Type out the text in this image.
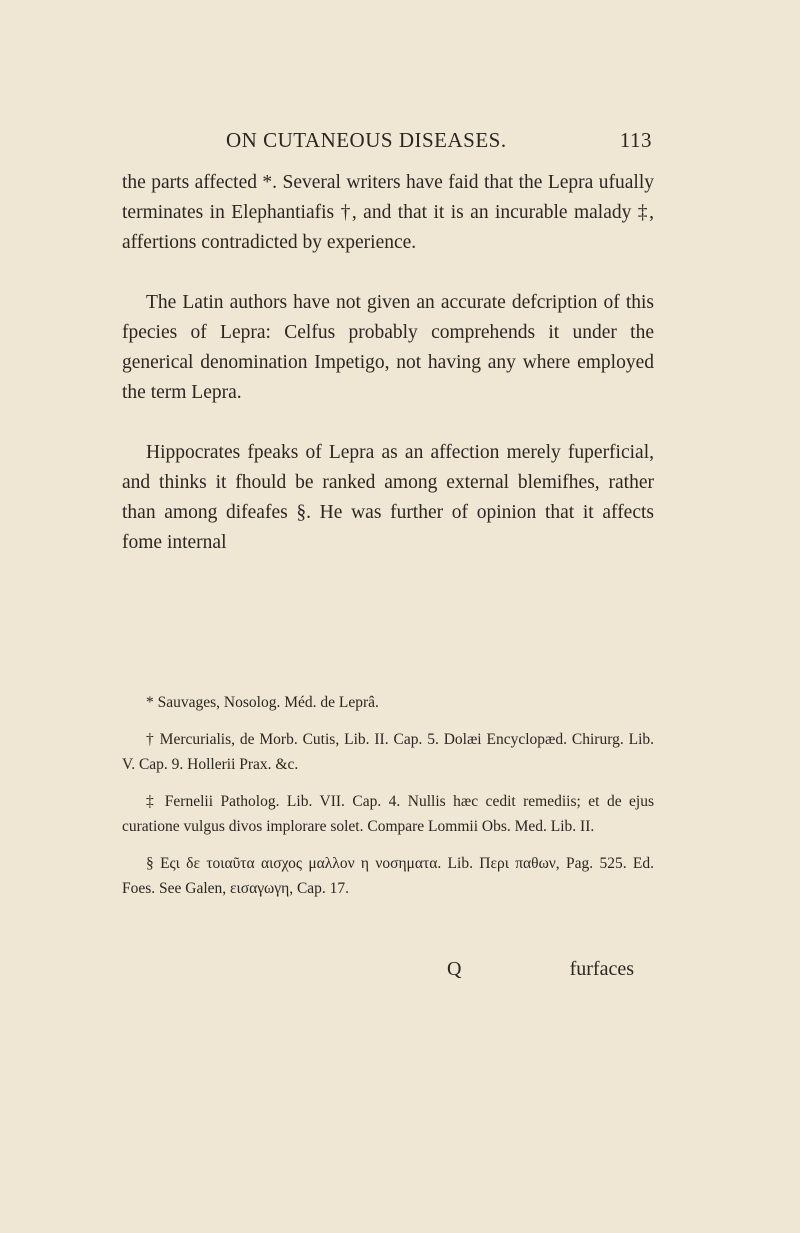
ON CUTANEOUS DISEASES.	113

the parts affected *. Several writers have faid that the Lepra ufually terminates in Elephantiafis †, and that it is an incurable malady ‡, affertions contradicted by experience.

The Latin authors have not given an accurate defcription of this fpecies of Lepra: Celfus probably comprehends it under the generical denomination Impetigo, not having any where employed the term Lepra.

Hippocrates fpeaks of Lepra as an affection merely fuperficial, and thinks it fhould be ranked among external blemifhes, rather than among difeafes §. He was further of opinion that it affects fome internal

* Sauvages, Nosolog. Méd. de Leprâ.

† Mercurialis, de Morb. Cutis, Lib. II. Cap. 5. Dolæi Encyclopæd. Chirurg. Lib. V. Cap. 9. Hollerii Prax. &c.

‡ Fernelii Patholog. Lib. VII. Cap. 4. Nullis hæc cedit remediis; et de ejus curatione vulgus divos implorare solet. Compare Lommii Obs. Med. Lib. II.

§ Eςι δε τοιαῦτα αισχος μαλλον η νοσηματα. Lib. Περι παθων, Pag. 525. Ed. Foes. See Galen, εισαγωγη, Cap. 17.

Q	furfaces
